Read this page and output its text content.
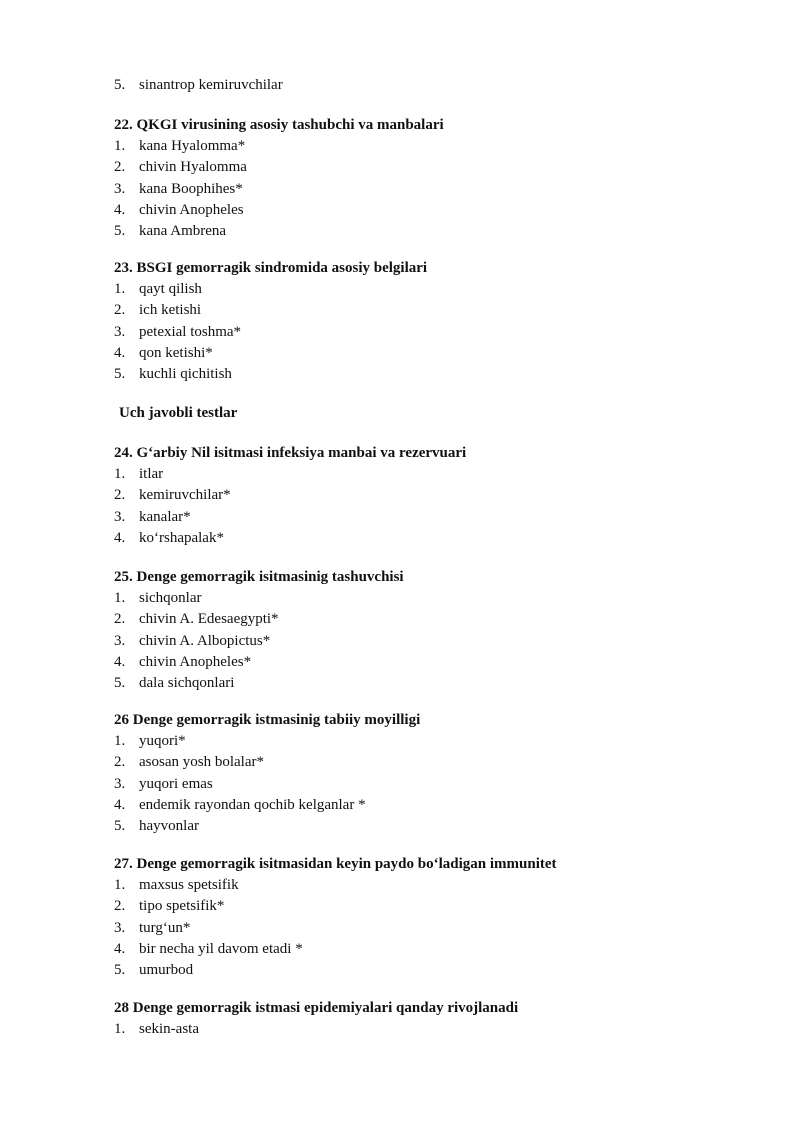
5. sinantrop kemiruvchilar
22. QKGI virusining asosiy tashubchi va manbalari
1. kana Hyalomma*
2. chivin Hyalomma
3. kana Boophihes*
4. chivin Anopheles
5. kana Ambrena
23. BSGI gemorragik sindromida asosiy belgilari
1. qayt qilish
2. ich ketishi
3. petexial toshma*
4. qon ketishi*
5. kuchli qichitish
Uch javobli testlar
24. G‘arbiy Nil isitmasi infeksiya manbai va rezervuari
1. itlar
2. kemiruvchilar*
3. kanalar*
4. ko‘rshapalak*
25. Denge gemorragik isitmasinig tashuvchisi
1. sichqonlar
2. chivin A. Edesaegypti*
3. chivin A. Albopictus*
4. chivin Anopheles*
5. dala sichqonlari
26 Denge gemorragik istmasinig tabiiy moyilligi
1. yuqori*
2. asosan yosh bolalar*
3. yuqori emas
4. endemik rayondan qochib kelganlar *
5. hayvonlar
27. Denge gemorragik isitmasidan keyin paydo bo‘ladigan immunitet
1. maxsus spetsifik
2. tipo spetsifik*
3. turg‘un*
4. bir necha yil davom etadi *
5. umurbod
28 Denge gemorragik istmasi epidemiyalari qanday rivojlanadi
1. sekin-asta
